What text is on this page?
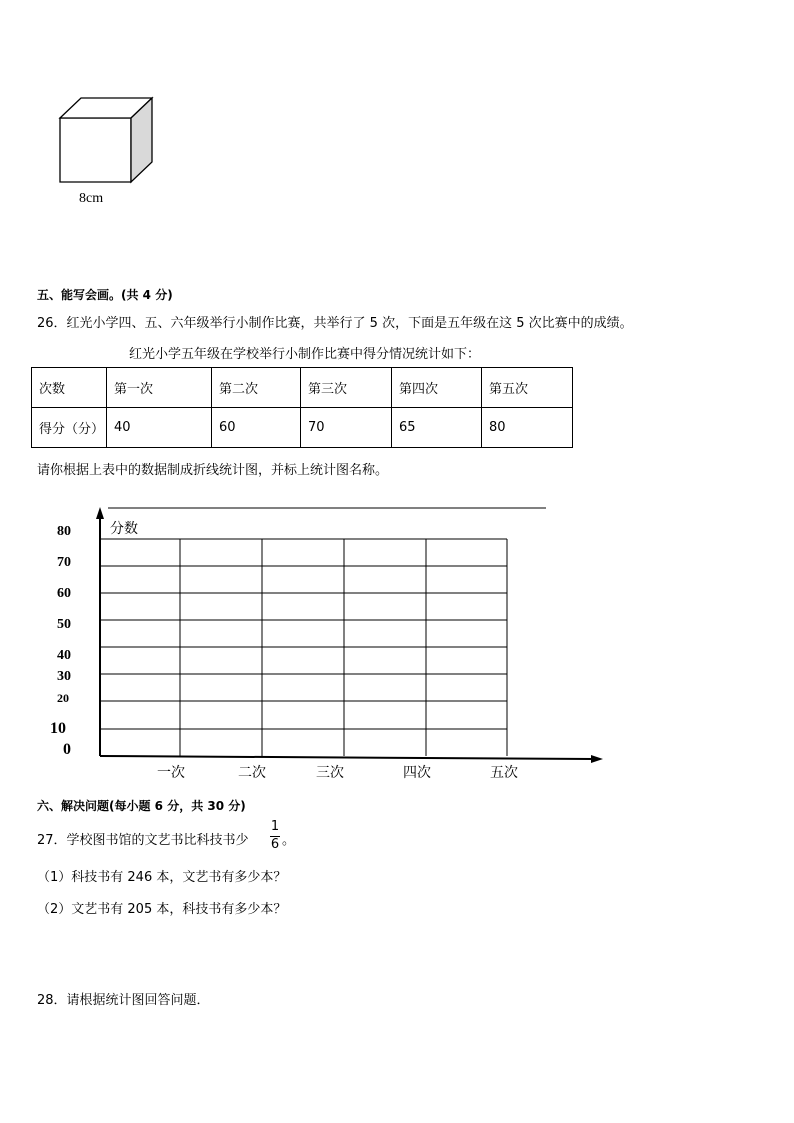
8cm
五、能写会画。(共 4 分)
26．红光小学四、五、六年级举行小制作比赛，共举行了 5 次，下面是五年级在这 5 次比赛中的成绩。
红光小学五年级在学校举行小制作比赛中得分情况统计如下：
次数	第一次	第二次	第三次	第四次	第五次
得分（分）	40	60	70	65	80
请你根据上表中的数据制成折线统计图，并标上统计图名称。
分数
80
70
60
50
40
30
20
10
0
一次	二次	三次	四次	五次
六、解决问题(每小题 6 分，共 30 分)
27．学校图书馆的文艺书比科技书少
1
6 。
（1）科技书有 246 本，文艺书有多少本？
（2）文艺书有 205 本，科技书有多少本？
28．请根据统计图回答问题．
